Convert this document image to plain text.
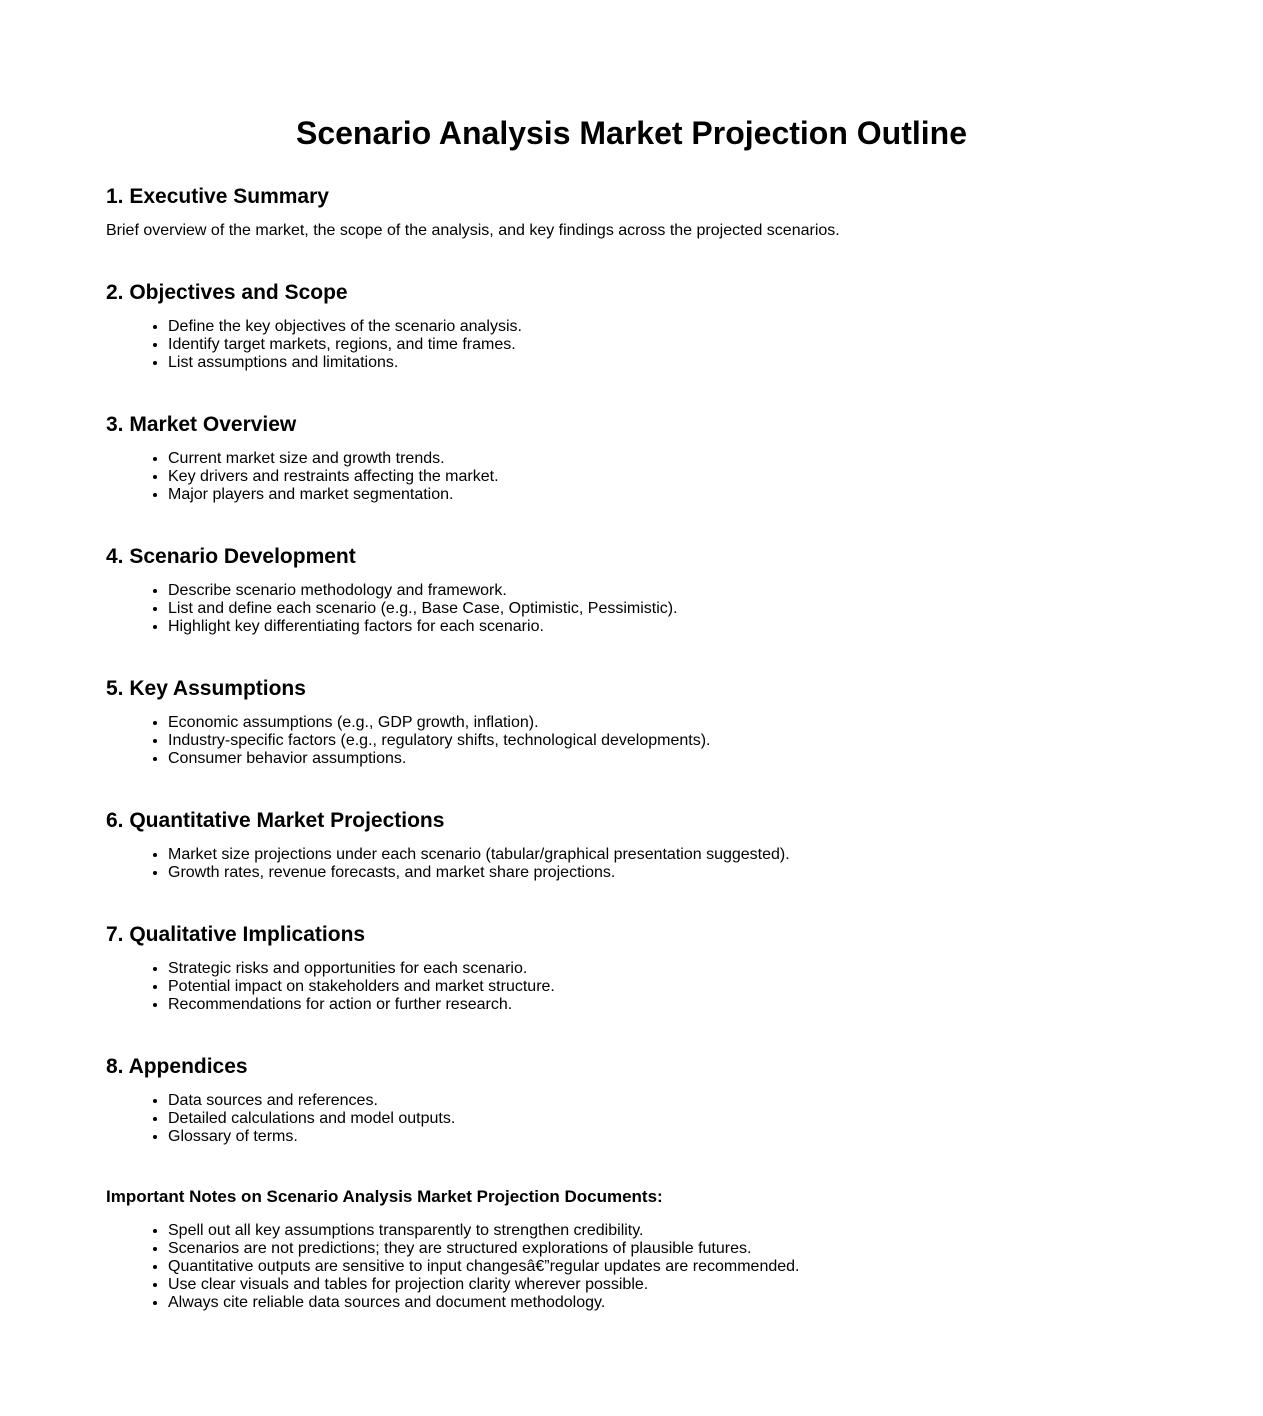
Scenario Analysis Market Projection Outline
1. Executive Summary

Brief overview of the market, the scope of the analysis, and key findings across the projected scenarios.

2. Objectives and Scope
• Define the key objectives of the scenario analysis.
• Identify target markets, regions, and time frames.
• List assumptions and limitations.
3. Market Overview
• Current market size and growth trends.
• Key drivers and restraints affecting the market.
• Major players and market segmentation.
4. Scenario Development
• Describe scenario methodology and framework.
• List and define each scenario (e.g., Base Case, Optimistic, Pessimistic).
• Highlight key differentiating factors for each scenario.
5. Key Assumptions
• Economic assumptions (e.g., GDP growth, inflation).
• Industry-specific factors (e.g., regulatory shifts, technological developments).
• Consumer behavior assumptions.
6. Quantitative Market Projections
• Market size projections under each scenario (tabular/graphical presentation suggested).
• Growth rates, revenue forecasts, and market share projections.
7. Qualitative Implications
• Strategic risks and opportunities for each scenario.
• Potential impact on stakeholders and market structure.
• Recommendations for action or further research.
8. Appendices
• Data sources and references.
• Detailed calculations and model outputs.
• Glossary of terms.
Important Notes on Scenario Analysis Market Projection Documents:
• Spell out all key assumptions transparently to strengthen credibility.
• Scenarios are not predictions; they are structured explorations of plausible futures.
• Quantitative outputs are sensitive to input changesâ€”regular updates are recommended.
• Use clear visuals and tables for projection clarity wherever possible.
• Always cite reliable data sources and document methodology.
